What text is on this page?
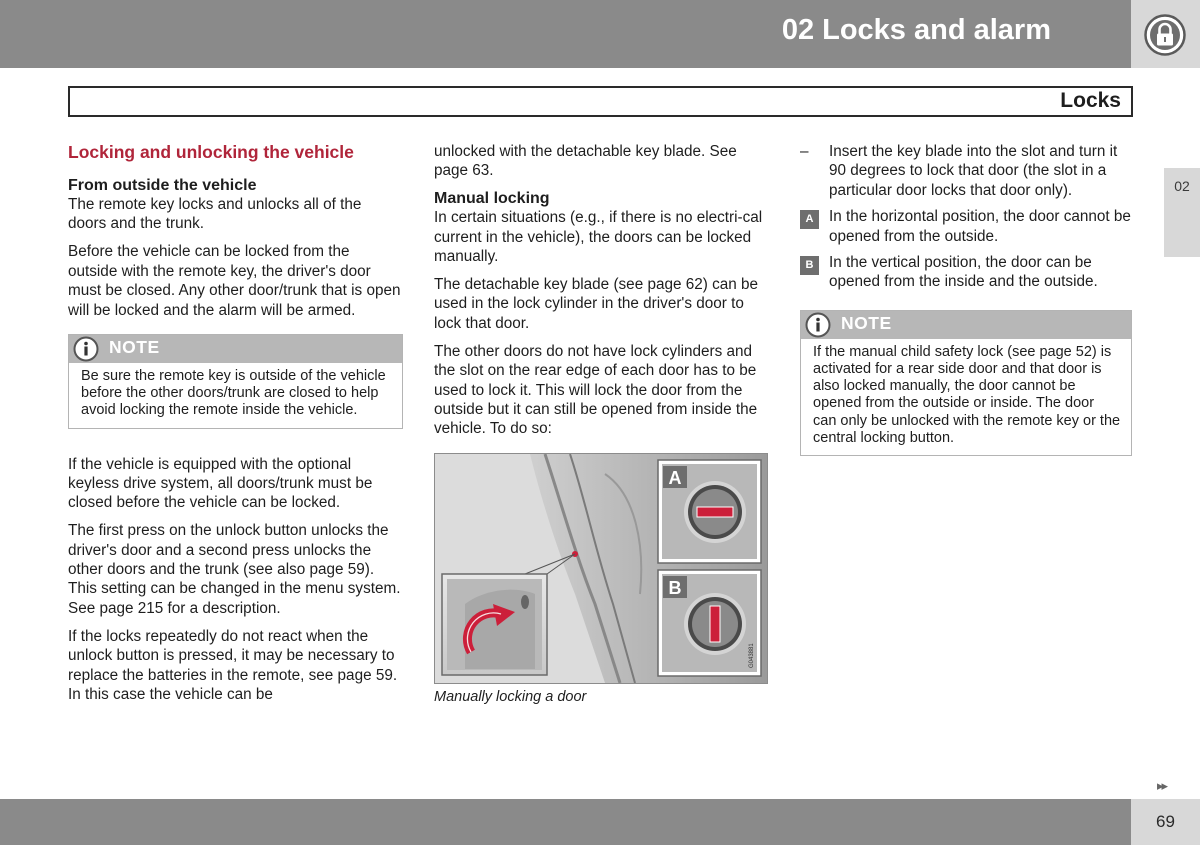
02 Locks and alarm
Locks
02
Locking and unlocking the vehicle
From outside the vehicle

The remote key locks and unlocks all of the doors and the trunk.

Before the vehicle can be locked from the outside with the remote key, the driver's door must be closed. Any other door/trunk that is open will be locked and the alarm will be armed.

NOTE
Be sure the remote key is outside of the vehicle before the other doors/trunk are closed to help avoid locking the remote inside the vehicle.

If the vehicle is equipped with the optional keyless drive system, all doors/trunk must be closed before the vehicle can be locked.

The first press on the unlock button unlocks the driver's door and a second press unlocks the other doors and the trunk (see also page 59). This setting can be changed in the menu system. See page 215 for a description.

If the locks repeatedly do not react when the unlock button is pressed, it may be necessary to replace the batteries in the remote, see page 59. In this case the vehicle can be

unlocked with the detachable key blade. See page 63.

Manual locking

In certain situations (e.g., if there is no electri-cal current in the vehicle), the doors can be locked manually.

The detachable key blade (see page 62) can be used in the lock cylinder in the driver's door to lock that door.

The other doors do not have lock cylinders and the slot on the rear edge of each door has to be used to lock it. This will lock the door from the outside but it can still be opened from inside the vehicle. To do so:

A
B
G043881
Manually locking a door
– Insert the key blade into the slot and turn it 90 degrees to lock that door (the slot in a particular door locks that door only).
A	In the horizontal position, the door cannot be opened from the outside.
B	In the vertical position, the door can be opened from the inside and the outside.
NOTE
If the manual child safety lock (see page 52) is activated for a rear side door and that door is also locked manually, the door cannot be opened from the outside or inside. The door can only be unlocked with the remote key or the central locking button.
▸▸
69
